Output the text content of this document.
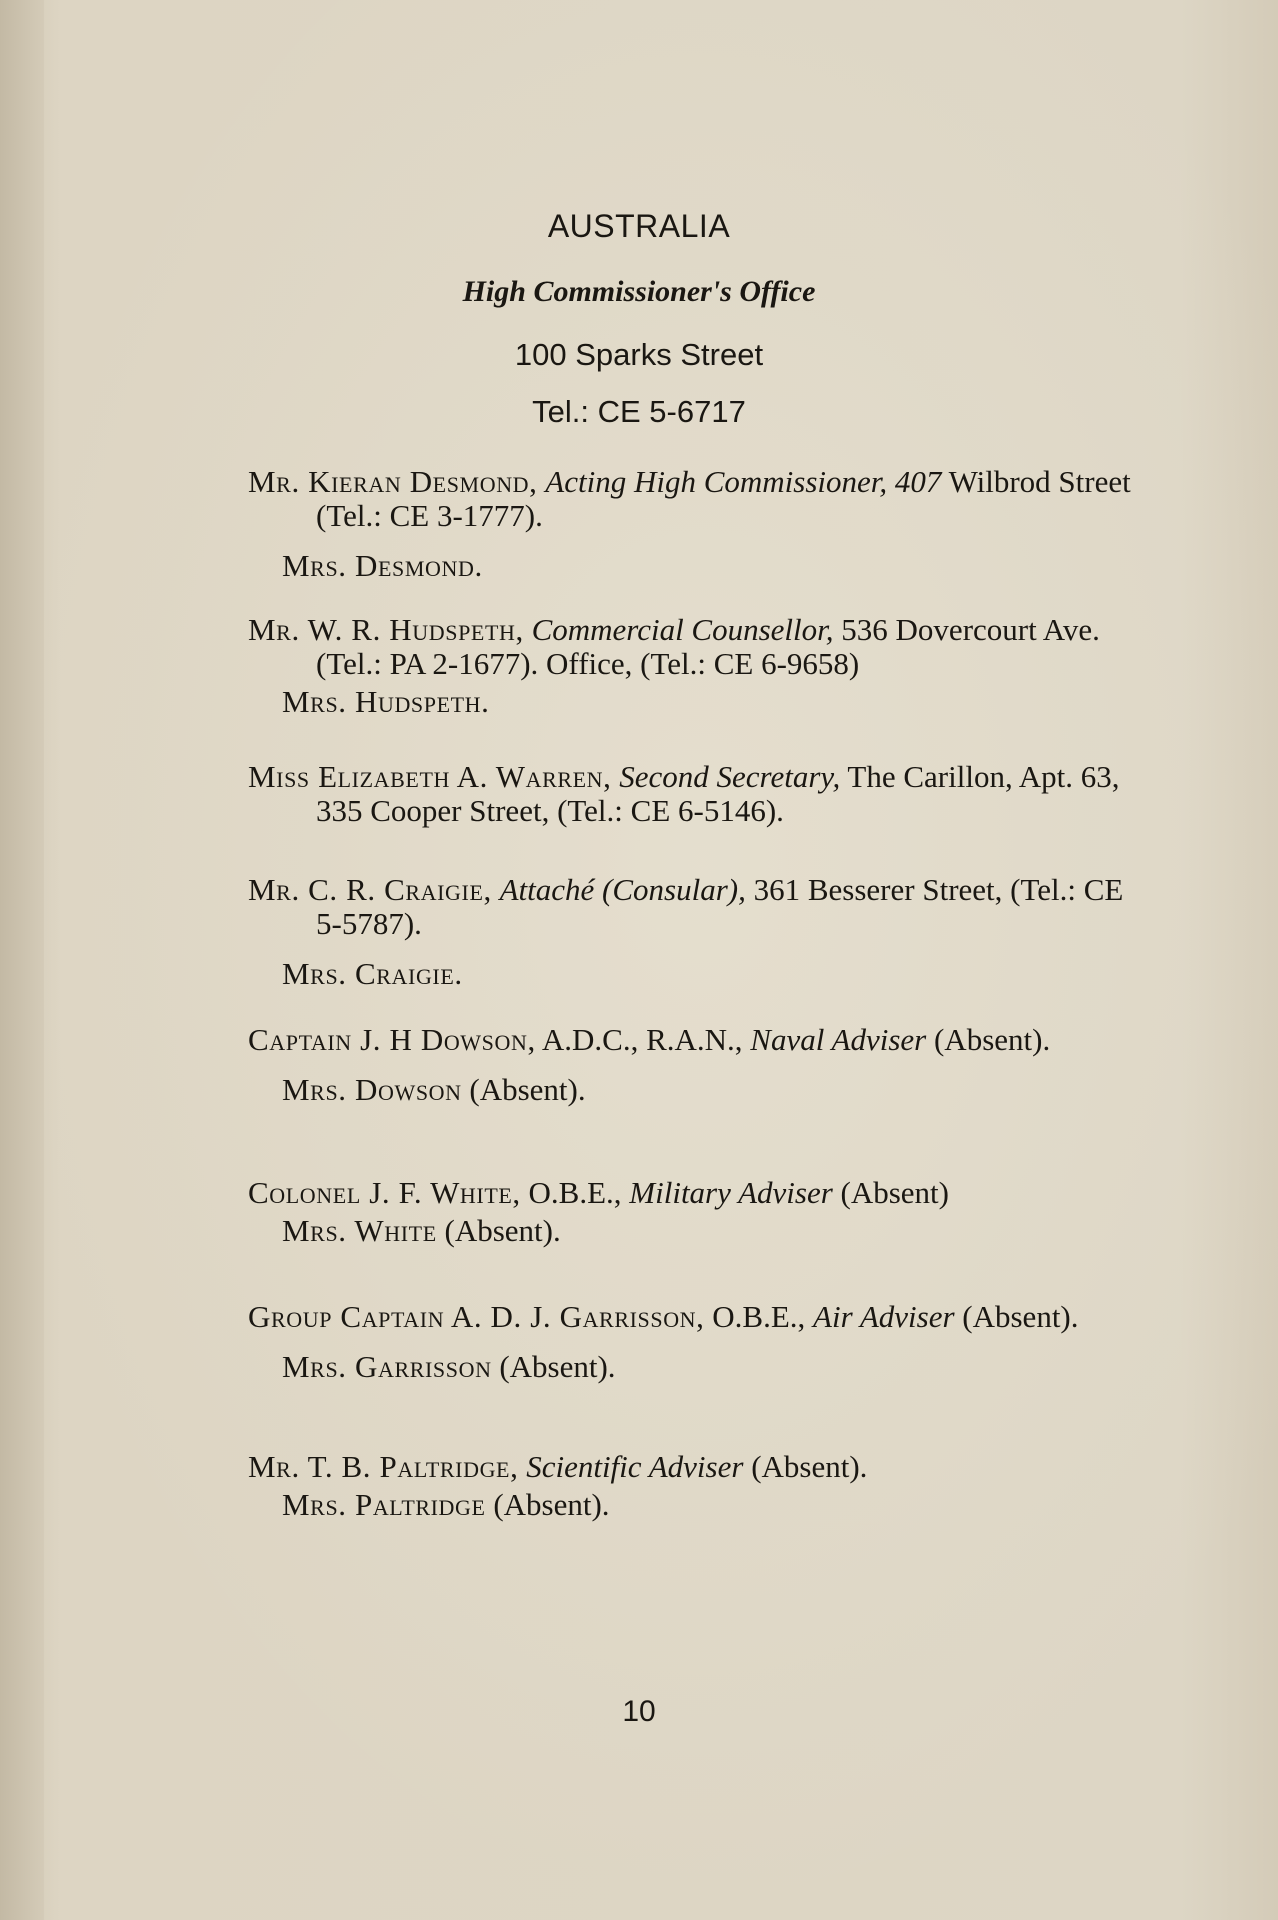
AUSTRALIA
High Commissioner's Office
100 Sparks Street
Tel.: CE 5-6717

Mr. Kieran Desmond, Acting High Commissioner, 407 Wilbrod Street (Tel.: CE 3-1777).

Mrs. Desmond.

Mr. W. R. Hudspeth, Commercial Counsellor, 536 Dovercourt Ave. (Tel.: PA 2-1677). Office, (Tel.: CE 6-9658)

Mrs. Hudspeth.

Miss Elizabeth A. Warren, Second Secretary, The Carillon, Apt. 63, 335 Cooper Street, (Tel.: CE 6-5146).

Mr. C. R. Craigie, Attaché (Consular), 361 Besserer Street, (Tel.: CE 5-5787).

Mrs. Craigie.

Captain J. H Dowson, A.D.C., R.A.N., Naval Adviser (Absent).

Mrs. Dowson (Absent).

Colonel J. F. White, O.B.E., Military Adviser (Absent)

Mrs. White (Absent).

Group Captain A. D. J. Garrisson, O.B.E., Air Adviser (Absent).

Mrs. Garrisson (Absent).

Mr. T. B. Paltridge, Scientific Adviser (Absent).

Mrs. Paltridge (Absent).

10
